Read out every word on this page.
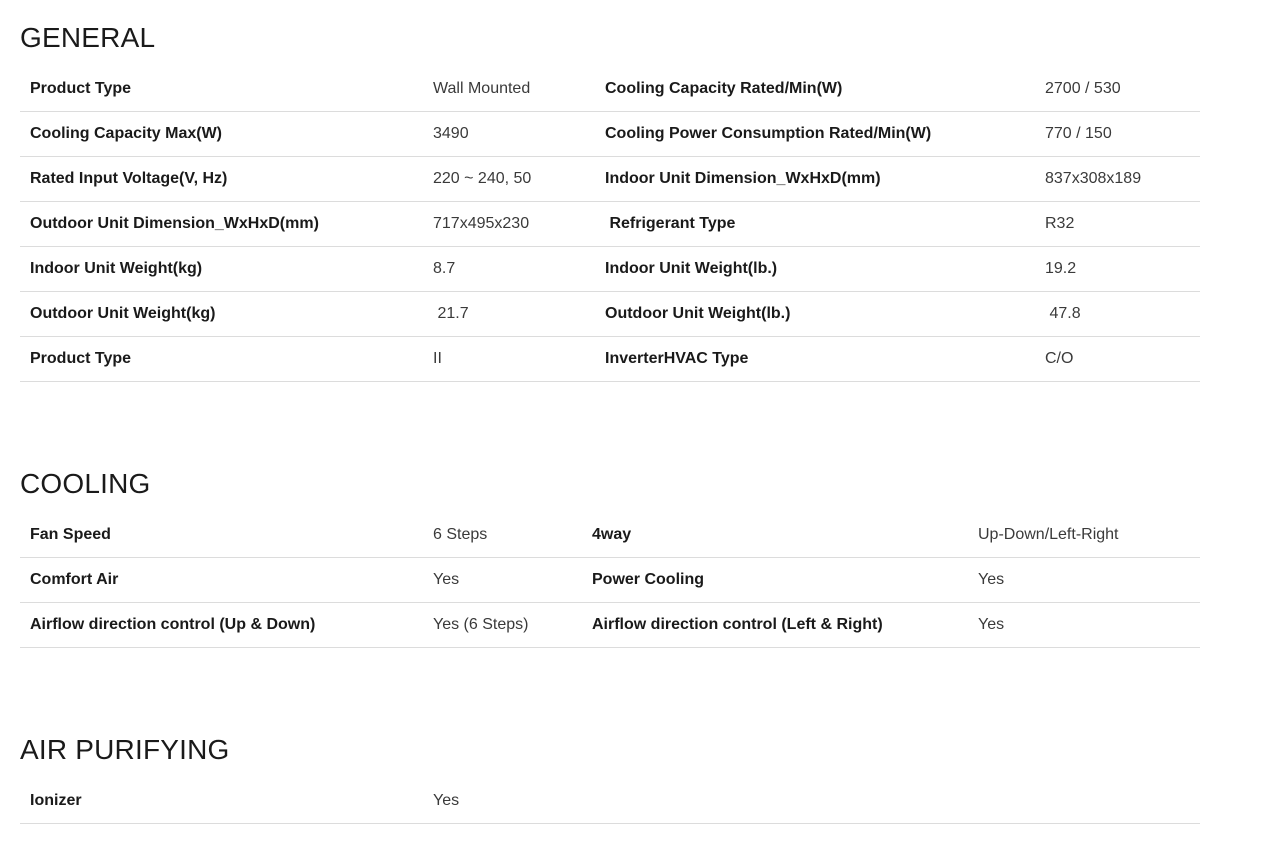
GENERAL
Product Type	Wall Mounted	Cooling Capacity Rated/Min(W)	2700 / 530
Cooling Capacity Max(W)	3490	Cooling Power Consumption Rated/Min(W)	770 / 150
Rated Input Voltage(V, Hz)	220 ~ 240, 50	Indoor Unit Dimension_WxHxD(mm)	837x308x189
Outdoor Unit Dimension_WxHxD(mm)	717x495x230	Refrigerant Type	R32
Indoor Unit Weight(kg)	8.7	Indoor Unit Weight(lb.)	19.2
Outdoor Unit Weight(kg)	21.7	Outdoor Unit Weight(lb.)	47.8
Product Type	II	InverterHVAC Type	C/O
COOLING
Fan Speed	6 Steps	4way	Up-Down/Left-Right
Comfort Air	Yes	Power Cooling	Yes
Airflow direction control (Up & Down)	Yes (6 Steps)	Airflow direction control (Left & Right)	Yes
AIR PURIFYING
Ionizer	Yes
